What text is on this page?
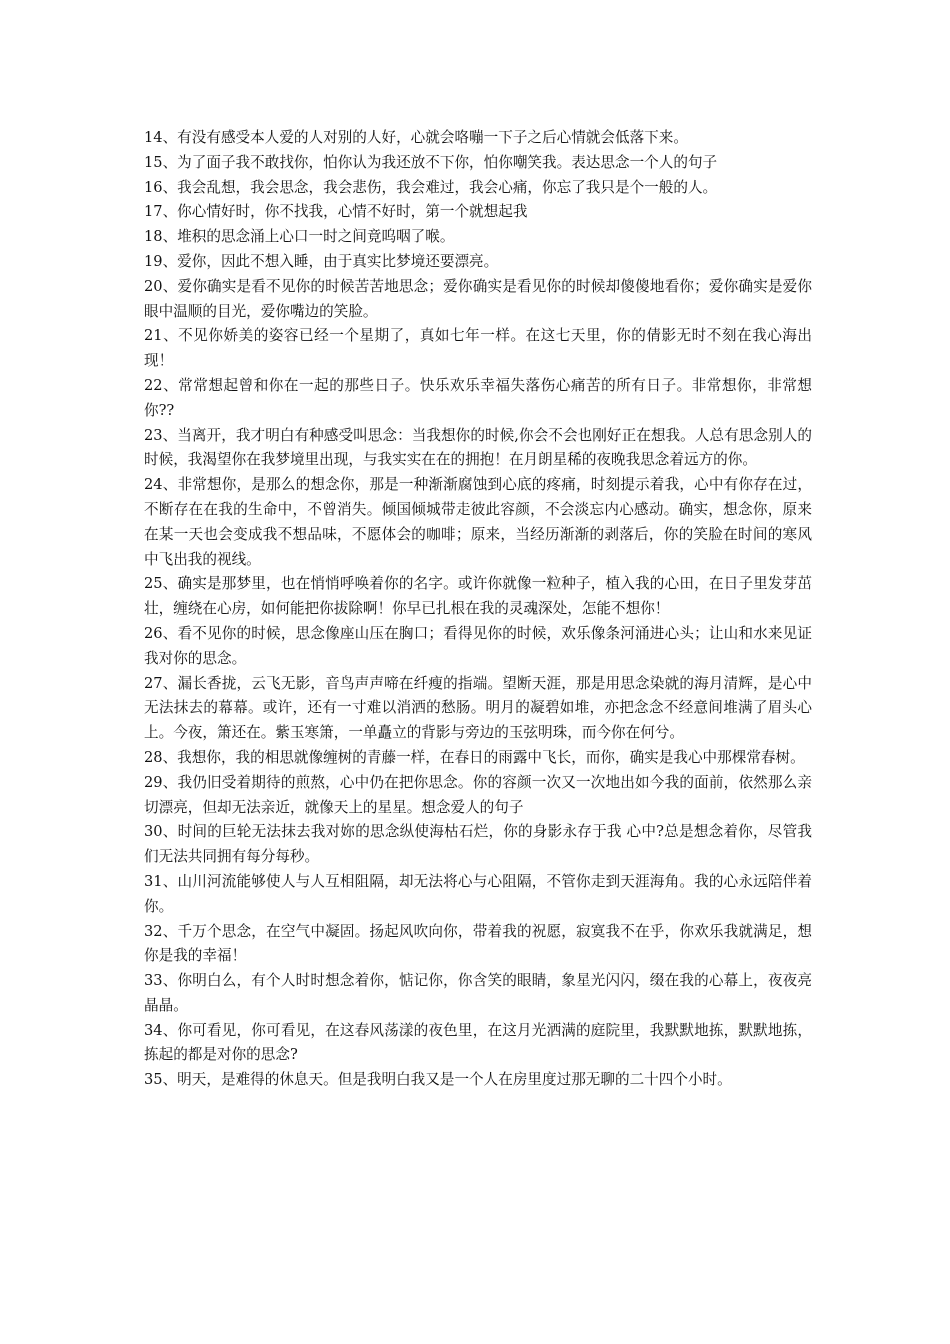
14、有没有感受本人爱的人对别的人好，心就会咯嘣一下子之后心情就会低落下来。

15、为了面子我不敢找你，怕你认为我还放不下你，怕你嘲笑我。表达思念一个人的句子

16、我会乱想，我会思念，我会悲伤，我会难过，我会心痛，你忘了我只是个一般的人。

17、你心情好时，你不找我，心情不好时，第一个就想起我

18、堆积的思念涌上心口一时之间竟呜咽了喉。

19、爱你，因此不想入睡，由于真实比梦境还要漂亮。

20、爱你确实是看不见你的时候苦苦地思念；爱你确实是看见你的时候却傻傻地看你；爱你确实是爱你眼中温顺的目光，爱你嘴边的笑脸。

21、不见你娇美的姿容已经一个星期了，真如七年一样。在这七天里，你的倩影无时不刻在我心海出现！

22、常常想起曾和你在一起的那些日子。快乐欢乐幸福失落伤心痛苦的所有日子。非常想你，非常想你??

23、当离开，我才明白有种感受叫思念：当我想你的时候,你会不会也刚好正在想我。人总有思念别人的时候，我渴望你在我梦境里出现，与我实实在在的拥抱！在月朗星稀的夜晚我思念着远方的你。

24、非常想你，是那么的想念你，那是一种渐渐腐蚀到心底的疼痛，时刻提示着我，心中有你存在过，不断存在在我的生命中，不曾消失。倾国倾城带走彼此容颜，不会淡忘内心感动。确实，想念你，原来在某一天也会变成我不想品味，不愿体会的咖啡；原来，当经历渐渐的剥落后，你的笑脸在时间的寒风中飞出我的视线。

25、确实是那梦里，也在悄悄呼唤着你的名字。或许你就像一粒种子，植入我的心田，在日子里发芽茁壮，缠绕在心房，如何能把你拔除啊！你早已扎根在我的灵魂深处，怎能不想你！

26、看不见你的时候，思念像座山压在胸口；看得见你的时候，欢乐像条河涌进心头；让山和水来见证我对你的思念。

27、漏长香拢，云飞无影，音鸟声声啼在纤瘦的指端。望断天涯，那是用思念染就的海月清辉，是心中无法抹去的幕幕。或许，还有一寸难以消洒的愁肠。明月的凝碧如堆，亦把念念不经意间堆满了眉头心上。今夜，箫还在。紫玉寒箫，一单矗立的背影与旁边的玉弦明珠，而今你在何兮。

28、我想你，我的相思就像缠树的青藤一样，在春日的雨露中飞长，而你，确实是我心中那棵常春树。

29、我仍旧受着期待的煎熬，心中仍在把你思念。你的容颜一次又一次地出如今我的面前，依然那么亲切漂亮，但却无法亲近，就像天上的星星。想念爱人的句子

30、时间的巨轮无法抹去我对妳的思念纵使海枯石烂，你的身影永存于我 心中?总是想念着你，尽管我们无法共同拥有每分每秒。

31、山川河流能够使人与人互相阻隔，却无法将心与心阻隔，不管你走到天涯海角。我的心永远陪伴着你。

32、千万个思念，在空气中凝固。扬起风吹向你，带着我的祝愿，寂寞我不在乎，你欢乐我就满足，想你是我的幸福！

33、你明白么，有个人时时想念着你，惦记你，你含笑的眼睛，象星光闪闪，缀在我的心幕上，夜夜亮晶晶。

34、你可看见，你可看见，在这春风荡漾的夜色里，在这月光洒满的庭院里，我默默地拣，默默地拣，拣起的都是对你的思念?

35、明天，是难得的休息天。但是我明白我又是一个人在房里度过那无聊的二十四个小时。
